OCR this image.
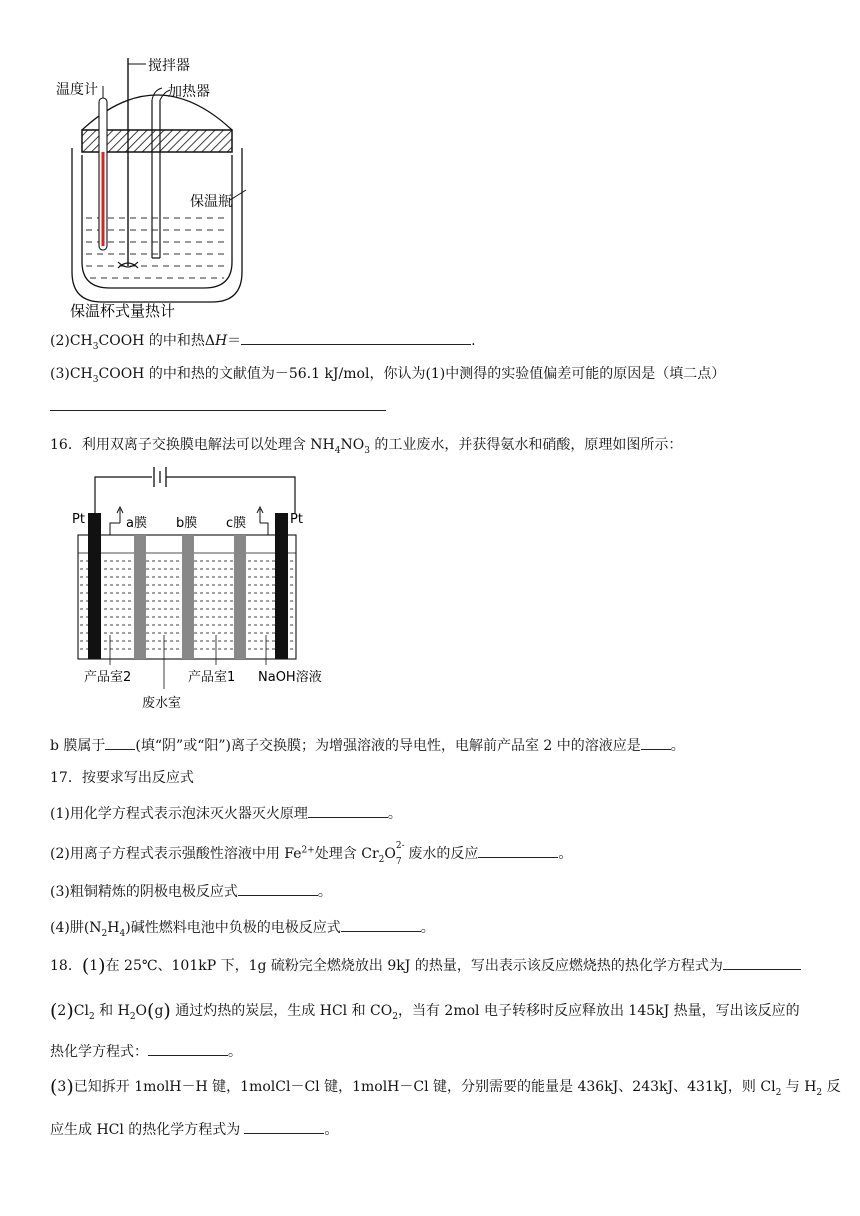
温度计
搅拌器
加热器
保温瓶
保温杯式量热计
$(2)CH_3COOH$ 的中和热ΔH＝	.
$(3)CH_3COOH$ 的中和热的文献值为－56.1 kJ/mol，你认为(1)中测得的实验值偏差可能的原因是（填二点）
16．利用双离子交换膜电解法可以处理含 $NH_4NO_3$ 的工业废水，并获得氨水和硝酸，原理如图所示：
Pt	a膜 b膜 c膜	Pt
产品室2	产品室1 NaOH溶液
废水室
b 膜属于 (填“阴”或“阳”)离子交换膜；为增强溶液的导电性，电解前产品室 2 中的溶液应是 。
17．按要求写出反应式
(1)用化学方程式表示泡沫灭火器灭火原理	。
(2)用离子方程式表示强酸性溶液中用 $Fe^{2+}$处理含 $Cr_2O$ 2-
7 废水的反应	。
(3)粗铜精炼的阴极电极反应式	。
(4)肼$(N_2H_4)$碱性燃料电池中负极的电极反应式	。
18．(1)在 25℃、101kP 下，1g 硫粉完全燃烧放出 9kJ 的热量，写出表示该反应燃烧热的热化学方程式为
$(2)Cl_2$ 和 $H_2O(g)$ 通过灼热的炭层，生成 HCl 和 $CO_2$，当有 2mol 电子转移时反应释放出 145kJ 热量，写出该反应的
热化学方程式：	。
(3)已知拆开 1molH－H 键，1molCl－Cl 键，1molH－Cl 键，分别需要的能量是 436kJ、243kJ、431kJ，则 $Cl_2$ 与 $H_2$ 反
应生成 HCl 的热化学方程式为	。
